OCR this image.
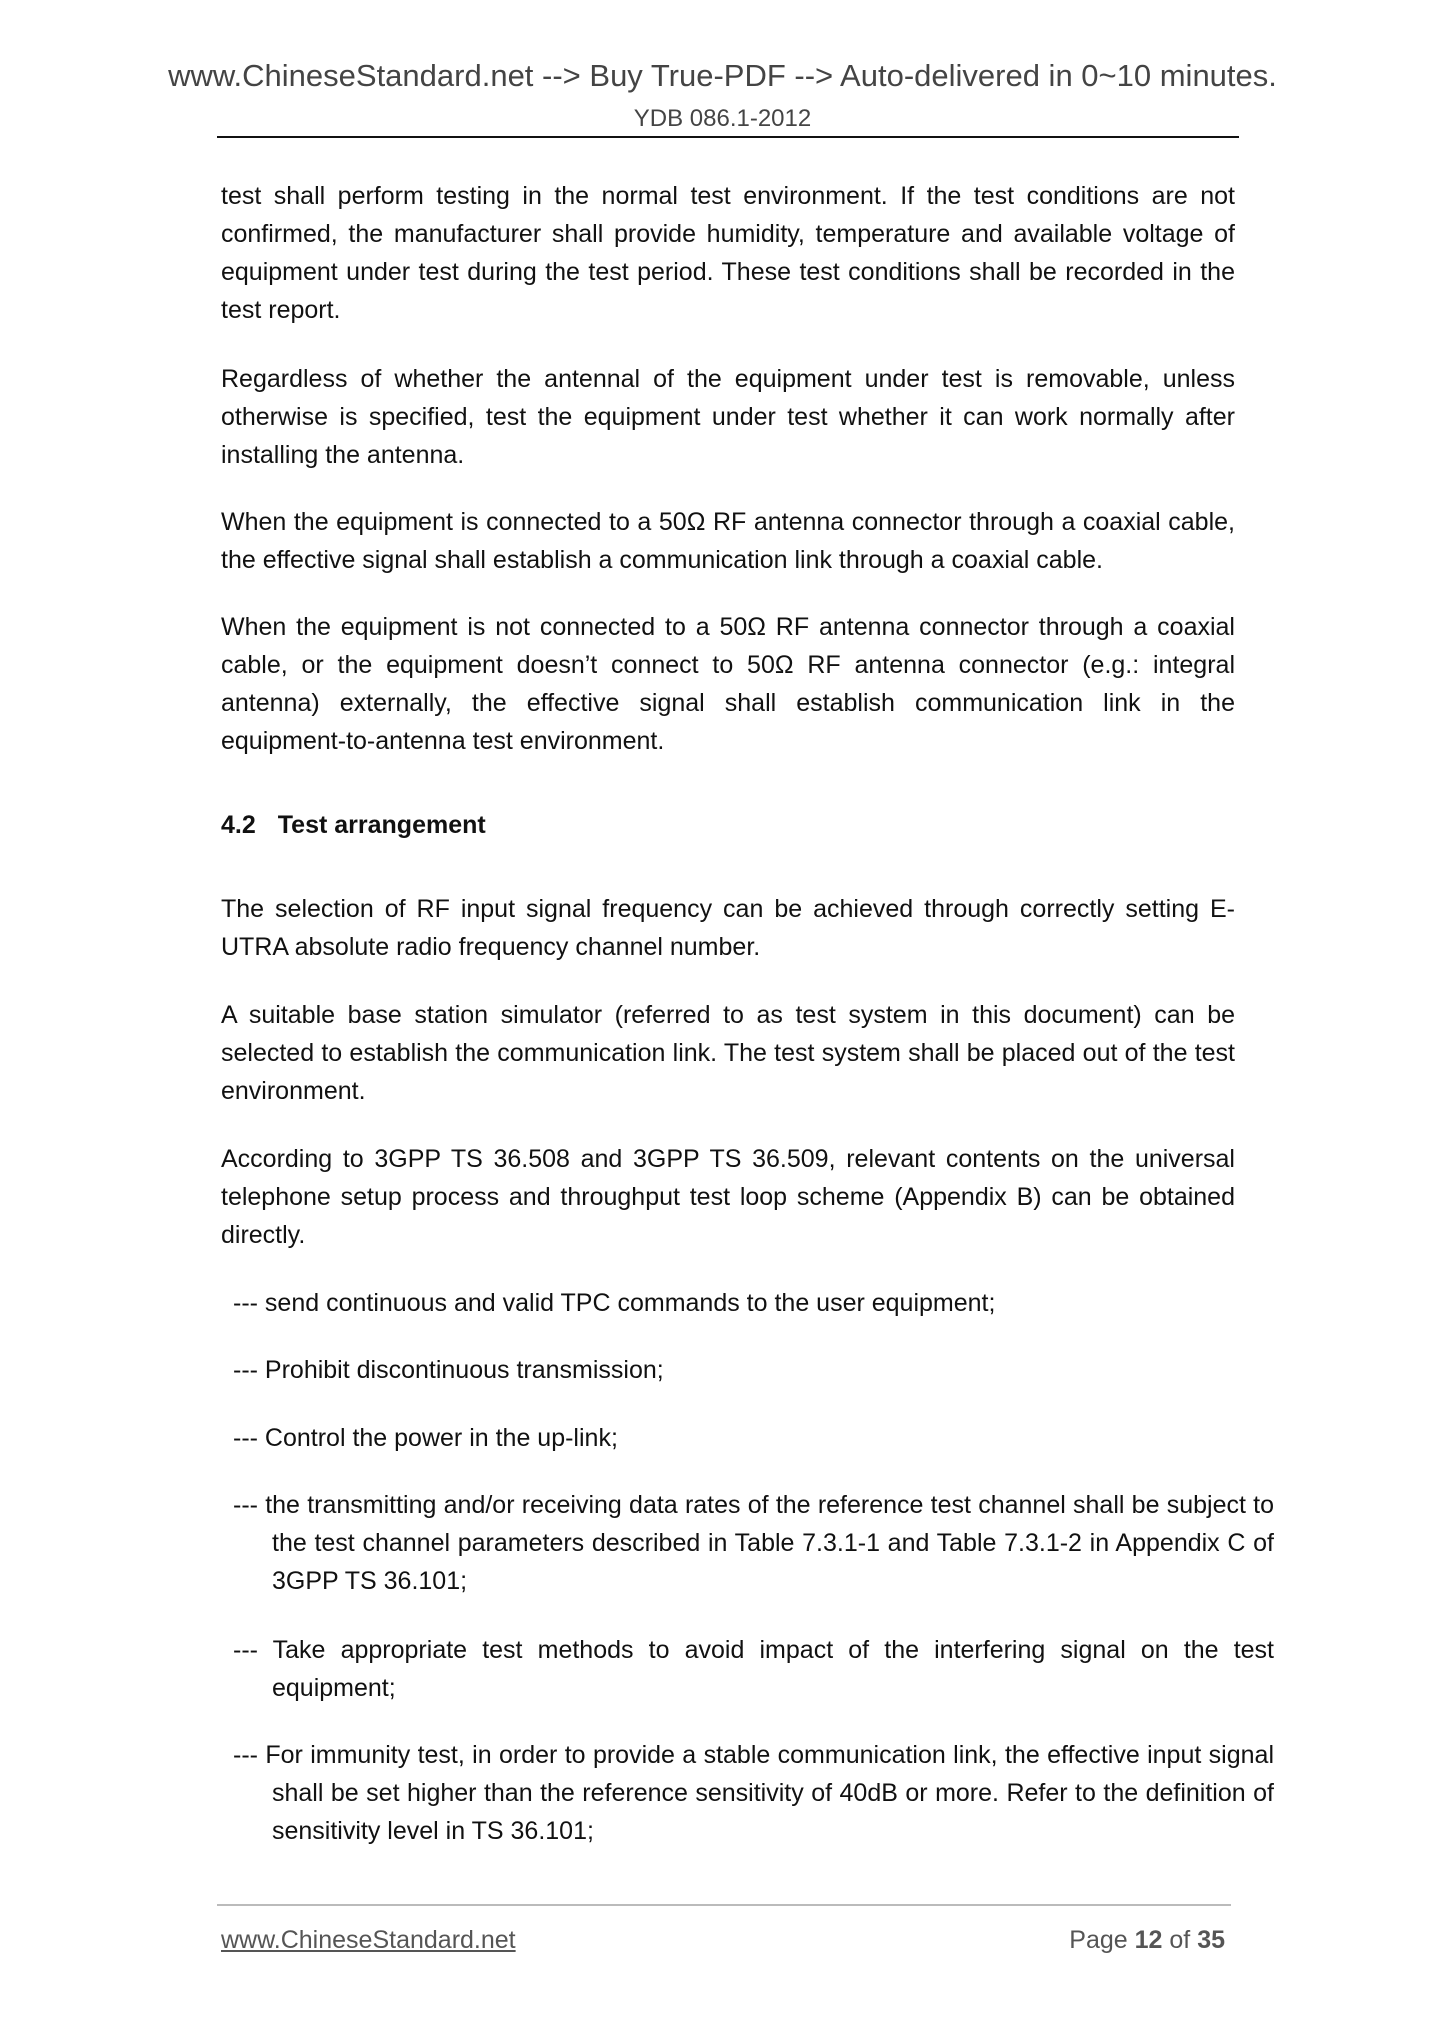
www.ChineseStandard.net --> Buy True-PDF --> Auto-delivered in 0~10 minutes.
YDB 086.1-2012
test shall perform testing in the normal test environment. If the test conditions are not confirmed, the manufacturer shall provide humidity, temperature and available voltage of equipment under test during the test period. These test conditions shall be recorded in the test report.
Regardless of whether the antennal of the equipment under test is removable, unless otherwise is specified, test the equipment under test whether it can work normally after installing the antenna.
When the equipment is connected to a 50Ω RF antenna connector through a coaxial cable, the effective signal shall establish a communication link through a coaxial cable.
When the equipment is not connected to a 50Ω RF antenna connector through a coaxial cable, or the equipment doesn’t connect to 50Ω RF antenna connector (e.g.: integral antenna) externally, the effective signal shall establish communication link in the equipment-to-antenna test environment.
4.2 Test arrangement
The selection of RF input signal frequency can be achieved through correctly setting E-UTRA absolute radio frequency channel number.
A suitable base station simulator (referred to as test system in this document) can be selected to establish the communication link. The test system shall be placed out of the test environment.
According to 3GPP TS 36.508 and 3GPP TS 36.509, relevant contents on the universal telephone setup process and throughput test loop scheme (Appendix B) can be obtained directly.
--- send continuous and valid TPC commands to the user equipment;
--- Prohibit discontinuous transmission;
--- Control the power in the up-link;
--- the transmitting and/or receiving data rates of the reference test channel shall be subject to the test channel parameters described in Table 7.3.1-1 and Table 7.3.1-2 in Appendix C of 3GPP TS 36.101;
--- Take appropriate test methods to avoid impact of the interfering signal on the test equipment;
--- For immunity test, in order to provide a stable communication link, the effective input signal shall be set higher than the reference sensitivity of 40dB or more. Refer to the definition of sensitivity level in TS 36.101;
www.ChineseStandard.net	Page 12 of 35
